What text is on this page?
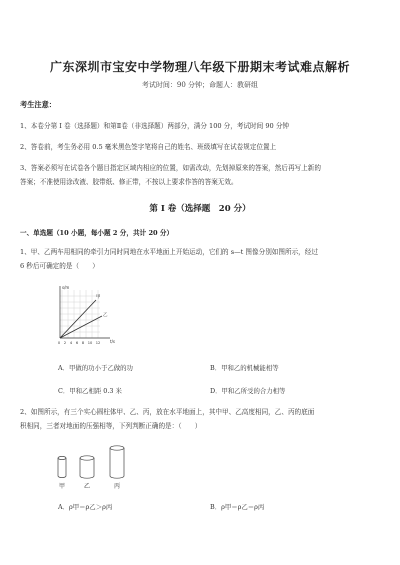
广东深圳市宝安中学物理八年级下册期末考试难点解析
考试时间：90 分钟；命题人：教研组
考生注意：
1、本卷分第 I 卷（选择题）和第Ⅱ卷（非选择题）两部分，满分 100 分，考试时间 90 分钟
2、答卷前，考生务必用 0.5 毫米黑色签字笔将自己的姓名、班级填写在试卷规定位置上
3、答案必须写在试卷各个题目指定区域内相应的位置，如需改动，先划掉原来的答案，然后再写上新的
答案；不准使用涂改液、胶带纸、修正带，不按以上要求作答的答案无效。
第 I 卷（选择题　20 分）
一、单选题（10 小题，每小题 2 分，共计 20 分）
1、甲、乙两车用相同的牵引力同时同地在水平地面上开始运动，它们的 s—t 图像分别如图所示，经过
6 秒后可确定的是（　　）
s/m
t/s
甲
乙
0 2 4 6 8 10 12
A．甲做的功小于乙做的功	B．甲和乙的机械能相等
C．甲和乙相距 0.3 米	D．甲和乙所受的合力相等
2、如图所示，有三个实心圆柱体甲、乙、丙，放在水平地面上，其中甲、乙高度相同，乙、丙的底面
积相同，三者对地面的压强相等，下列判断正确的是：（　　）
甲	乙	丙
A．ρ甲＝ρ乙＞ρ丙	B．ρ甲＝ρ乙＝ρ丙
